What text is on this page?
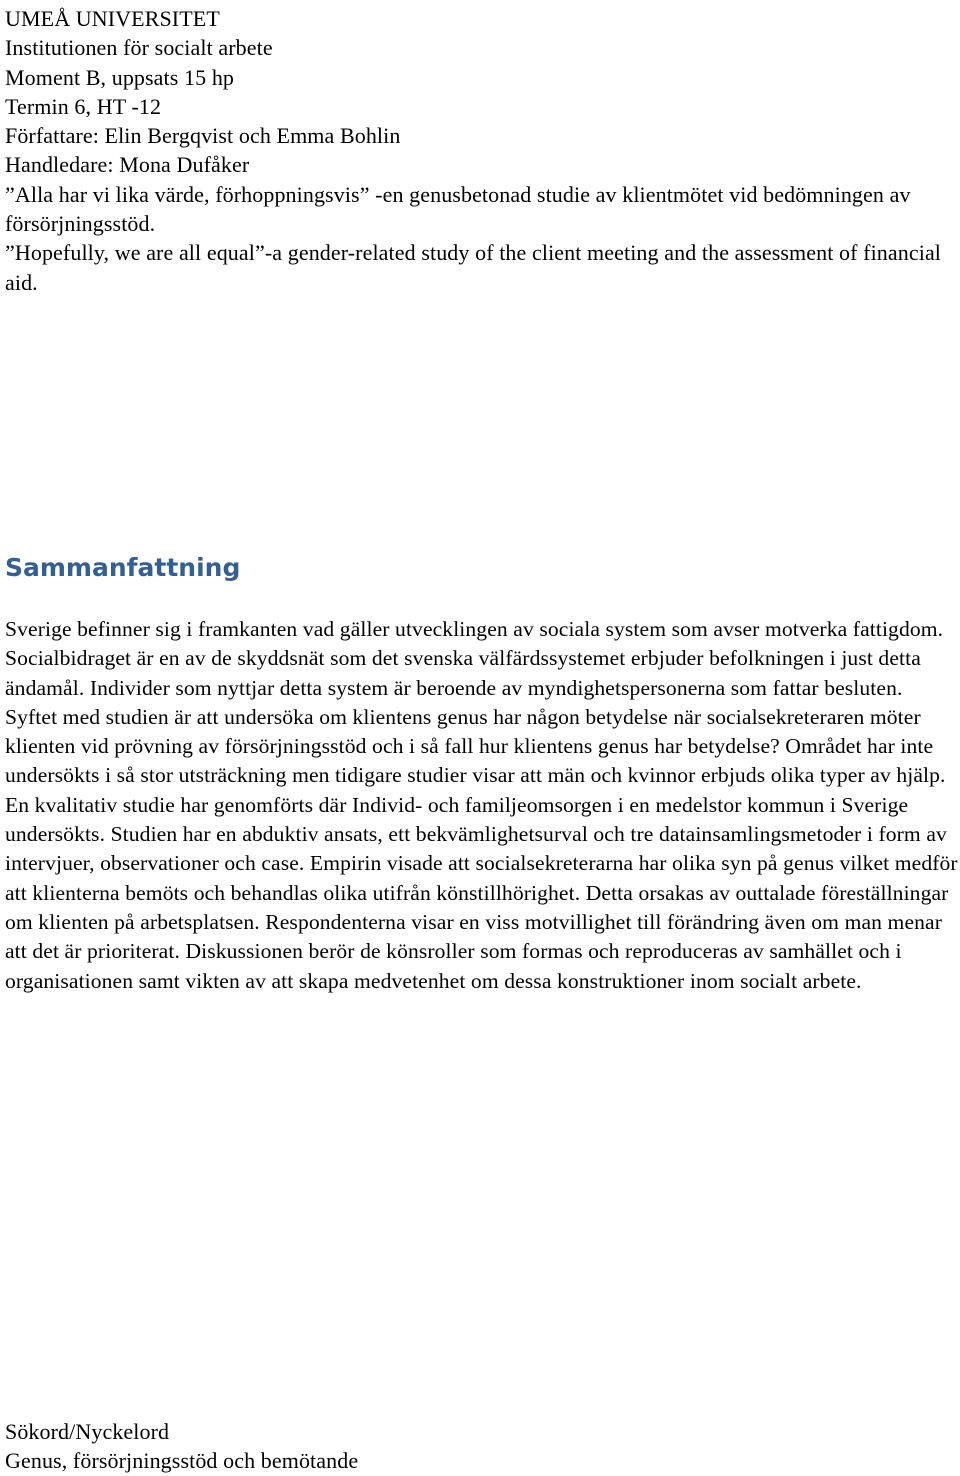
UMEÅ UNIVERSITET
Institutionen för socialt arbete
Moment B, uppsats 15 hp
Termin 6, HT -12
Författare: Elin Bergqvist och Emma Bohlin
Handledare: Mona Dufåker
”Alla har vi lika värde, förhoppningsvis” -en genusbetonad studie av klientmötet vid bedömningen av försörjningsstöd.
”Hopefully, we are all equal”-a gender-related study of the client meeting and the assessment of financial aid.
Sammanfattning

Sverige befinner sig i framkanten vad gäller utvecklingen av sociala system som avser motverka fattigdom. Socialbidraget är en av de skyddsnät som det svenska välfärdssystemet erbjuder befolkningen i just detta ändamål. Individer som nyttjar detta system är beroende av myndighetspersonerna som fattar besluten. Syftet med studien är att undersöka om klientens genus har någon betydelse när socialsekreteraren möter klienten vid prövning av försörjningsstöd och i så fall hur klientens genus har betydelse? Området har inte undersökts i så stor utsträckning men tidigare studier visar att män och kvinnor erbjuds olika typer av hjälp. En kvalitativ studie har genomförts där Individ- och familjeomsorgen i en medelstor kommun i Sverige undersökts. Studien har en abduktiv ansats, ett bekvämlighetsurval och tre datainsamlingsmetoder i form av intervjuer, observationer och case. Empirin visade att socialsekreterarna har olika syn på genus vilket medför att klienterna bemöts och behandlas olika utifrån könstillhörighet. Detta orsakas av outtalade föreställningar om klienten på arbetsplatsen. Respondenterna visar en viss motvillighet till förändring även om man menar att det är prioriterat. Diskussionen berör de könsroller som formas och reproduceras av samhället och i organisationen samt vikten av att skapa medvetenhet om dessa konstruktioner inom socialt arbete.

Sökord/Nyckelord
Genus, försörjningsstöd och bemötande
